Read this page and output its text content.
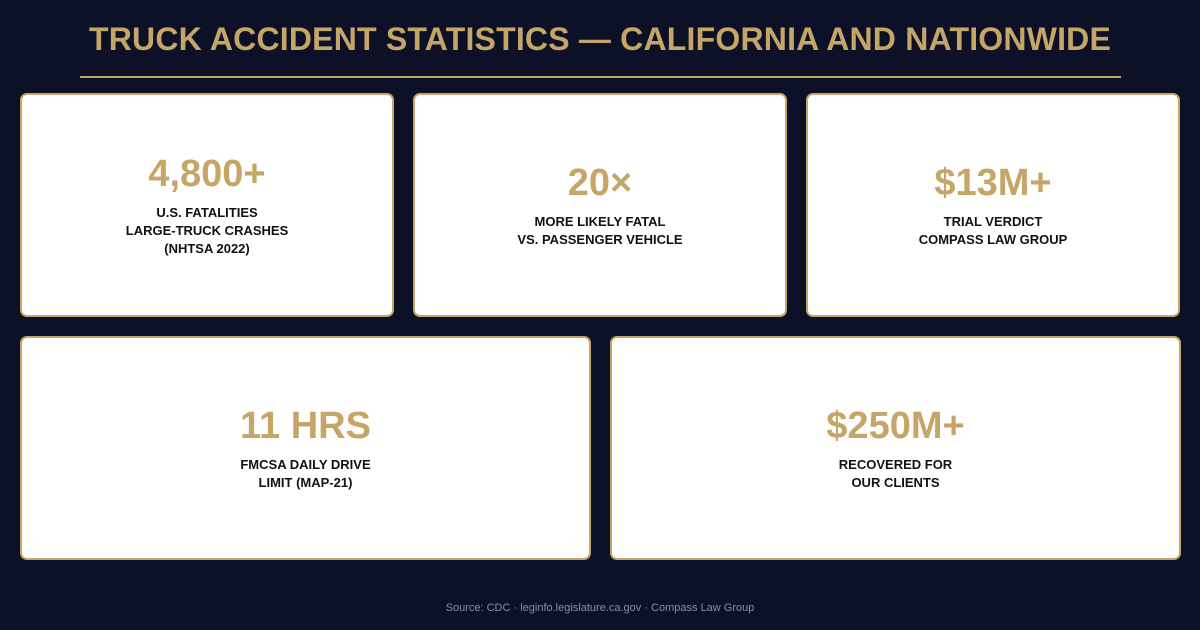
TRUCK ACCIDENT STATISTICS — CALIFORNIA AND NATIONWIDE
4,800+
U.S. FATALITIES
LARGE-TRUCK CRASHES
(NHTSA 2022)
20×
MORE LIKELY FATAL
VS. PASSENGER VEHICLE
$13M+
TRIAL VERDICT
COMPASS LAW GROUP
11 HRS
FMCSA DAILY DRIVE
LIMIT (MAP-21)
$250M+
RECOVERED FOR
OUR CLIENTS
Source: CDC · leginfo.legislature.ca.gov · Compass Law Group
